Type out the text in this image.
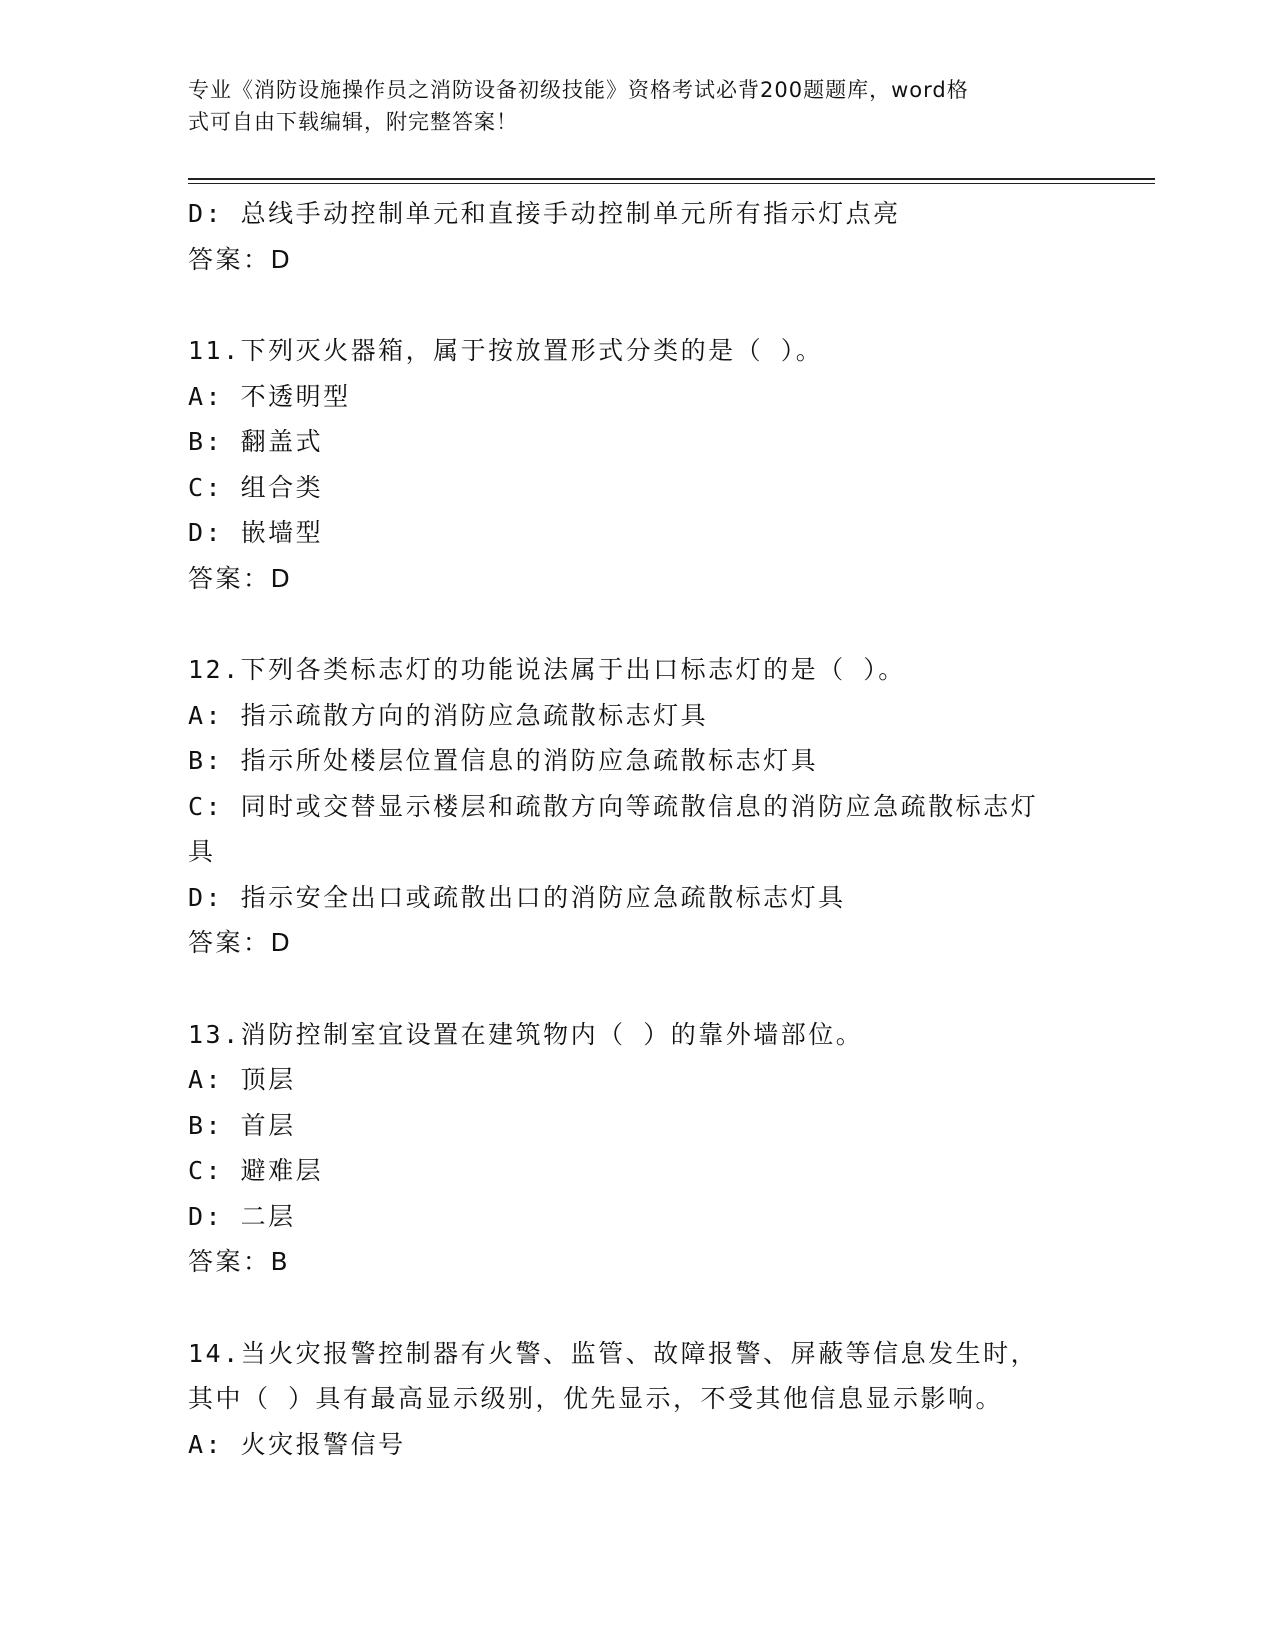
专业《消防设施操作员之消防设备初级技能》资格考试必背200题题库，word格
式可自由下载编辑，附完整答案！
D: 总线手动控制单元和直接手动控制单元所有指示灯点亮
答案：D
11.下列灭火器箱，属于按放置形式分类的是（ ）。
A: 不透明型
B: 翻盖式
C: 组合类
D: 嵌墙型
答案：D
12.下列各类标志灯的功能说法属于出口标志灯的是（ ）。
A: 指示疏散方向的消防应急疏散标志灯具
B: 指示所处楼层位置信息的消防应急疏散标志灯具
C: 同时或交替显示楼层和疏散方向等疏散信息的消防应急疏散标志灯
具
D: 指示安全出口或疏散出口的消防应急疏散标志灯具
答案：D
13.消防控制室宜设置在建筑物内（ ）的靠外墙部位。
A: 顶层
B: 首层
C: 避难层
D: 二层
答案：B
14.当火灾报警控制器有火警、监管、故障报警、屏蔽等信息发生时，
其中（ ）具有最高显示级别，优先显示，不受其他信息显示影响。
A: 火灾报警信号
